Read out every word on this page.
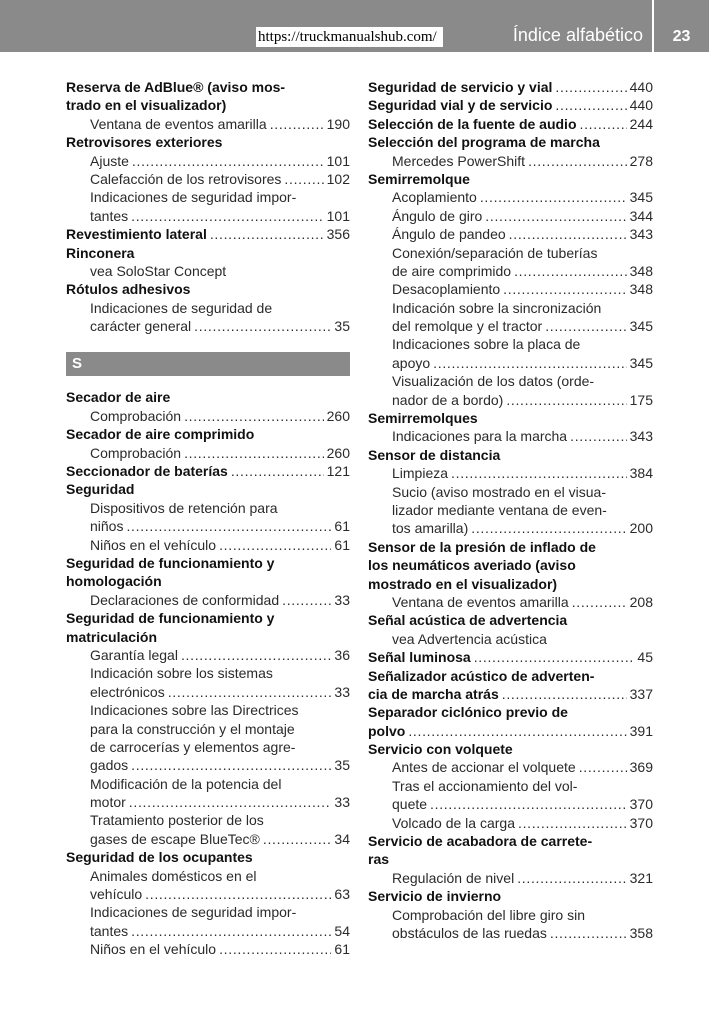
https://truckmanualshub.com/	Índice alfabético	23
Reserva de AdBlue® (aviso mos-
trado en el visualizador)
Ventana de eventos amarilla . . .	190
Retrovisores exteriores
Ajuste . . .	101
Calefacción de los retrovisores . . .	102
Indicaciones de seguridad impor-
tantes . . .	101
Revestimiento lateral . . .	356
Rinconera
vea SoloStar Concept
Rótulos adhesivos
Indicaciones de seguridad de
carácter general . . .	35
S
Secador de aire
Comprobación . . .	260
Secador de aire comprimido
Comprobación . . .	260
Seccionador de baterías . . .	121
Seguridad
Dispositivos de retención para
niños . . .	61
Niños en el vehículo . . .	61
Seguridad de funcionamiento y
homologación
Declaraciones de conformidad . . .	33
Seguridad de funcionamiento y
matriculación
Garantía legal . . .	36
Indicación sobre los sistemas
electrónicos . . .	33
Indicaciones sobre las Directrices
para la construcción y el montaje
de carrocerías y elementos agre-
gados . . .	35
Modificación de la potencia del
motor . . .	33
Tratamiento posterior de los
gases de escape BlueTec® . . .	34
Seguridad de los ocupantes
Animales domésticos en el
vehículo . . .	63
Indicaciones de seguridad impor-
tantes . . .	54
Niños en el vehículo . . .	61
Seguridad de servicio y vial . . .	440
Seguridad vial y de servicio . . .	440
Selección de la fuente de audio . . .	244
Selección del programa de marcha
Mercedes PowerShift . . .	278
Semirremolque
Acoplamiento . . .	345
Ángulo de giro . . .	344
Ángulo de pandeo . . .	343
Conexión/separación de tuberías
de aire comprimido . . .	348
Desacoplamiento . . .	348
Indicación sobre la sincronización
del remolque y el tractor . . .	345
Indicaciones sobre la placa de
apoyo . . .	345
Visualización de los datos (orde-
nador de a bordo) . . .	175
Semirremolques
Indicaciones para la marcha . . .	343
Sensor de distancia
Limpieza . . .	384
Sucio (aviso mostrado en el visua-
lizador mediante ventana de even-
tos amarilla) . . .	200
Sensor de la presión de inflado de
los neumáticos averiado (aviso
mostrado en el visualizador)
Ventana de eventos amarilla . . .	208
Señal acústica de advertencia
vea Advertencia acústica
Señal luminosa . . .	45
Señalizador acústico de adverten-
cia de marcha atrás . . .	337
Separador ciclónico previo de
polvo . . .	391
Servicio con volquete
Antes de accionar el volquete . . .	369
Tras el accionamiento del vol-
quete . . .	370
Volcado de la carga . . .	370
Servicio de acabadora de carrete-
ras
Regulación de nivel . . .	321
Servicio de invierno
Comprobación del libre giro sin
obstáculos de las ruedas . . .	358
